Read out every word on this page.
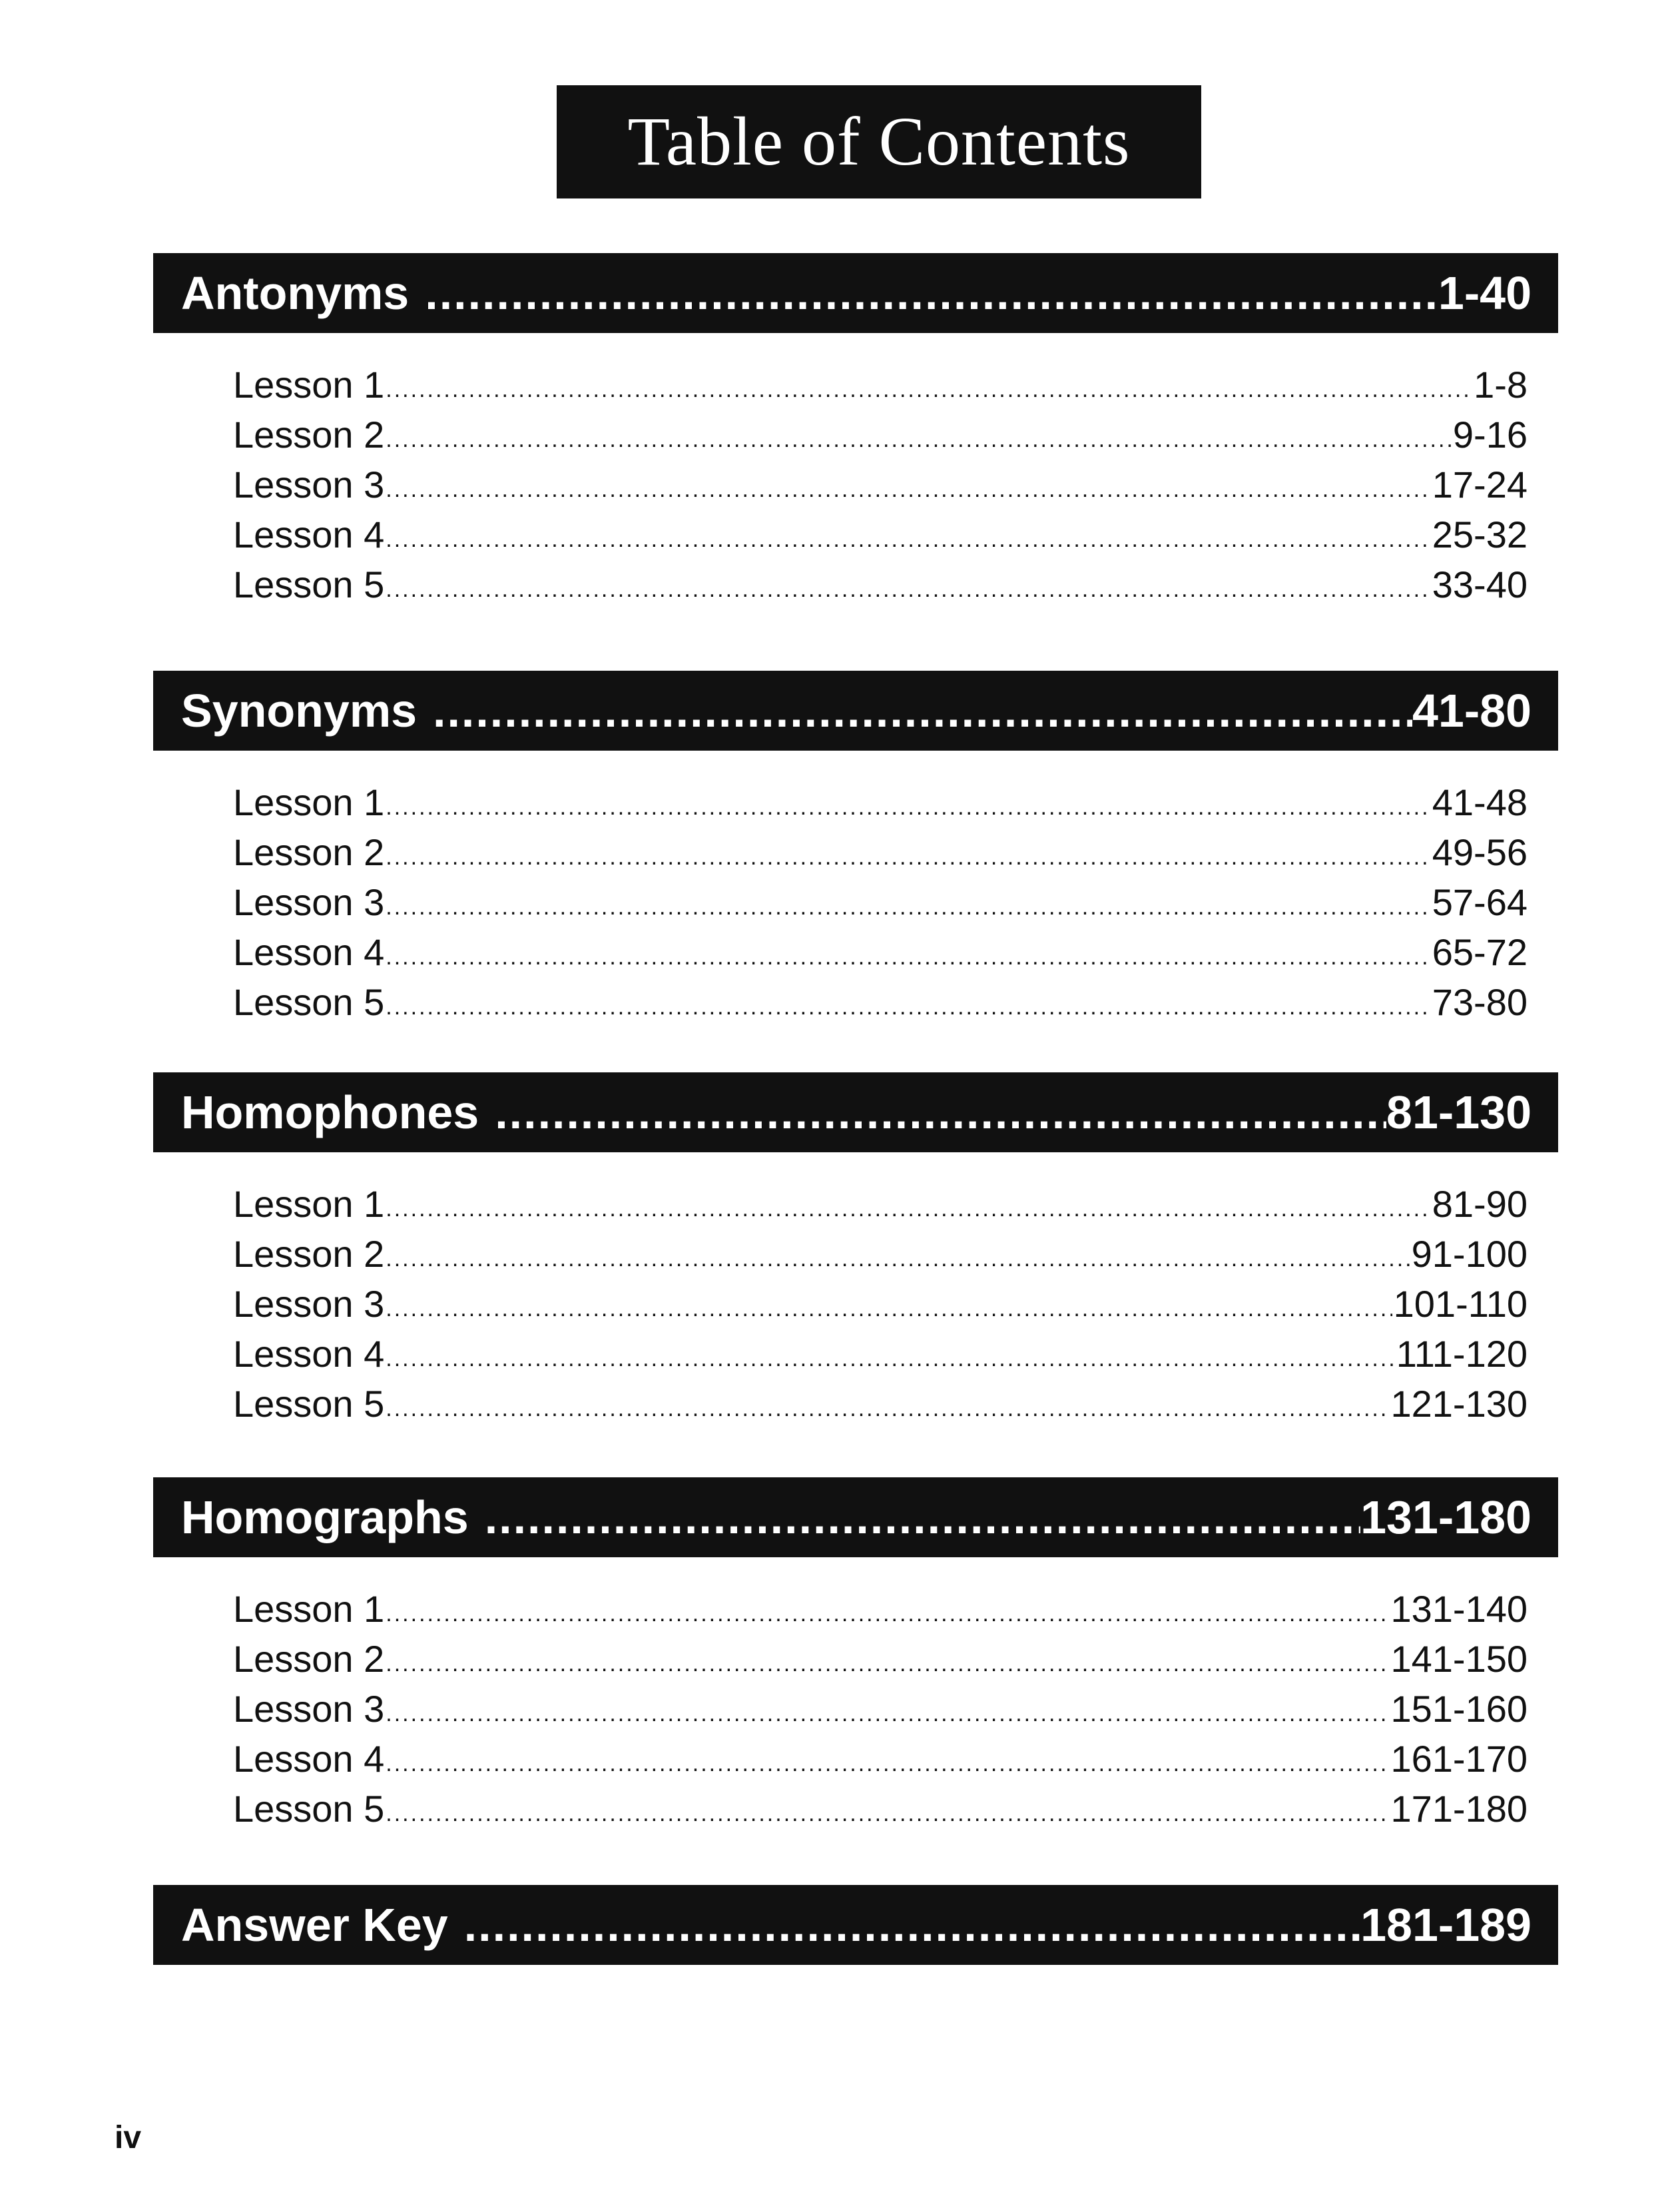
Table of Contents
Antonyms .....	1-40
Lesson 1 .....	1-8
Lesson 2 .....	9-16
Lesson 3 .....	17-24
Lesson 4 .....	25-32
Lesson 5 .....	33-40
Synonyms .....	41-80
Lesson 1 .....	41-48
Lesson 2 .....	49-56
Lesson 3 .....	57-64
Lesson 4 .....	65-72
Lesson 5 .....	73-80
Homophones .....	81-130
Lesson 1 .....	81-90
Lesson 2 .....	91-100
Lesson 3 .....	101-110
Lesson 4 .....	111-120
Lesson 5 .....	121-130
Homographs .....	131-180
Lesson 1 .....	131-140
Lesson 2 .....	141-150
Lesson 3 .....	151-160
Lesson 4 .....	161-170
Lesson 5 .....	171-180
Answer Key .....	181-189
iv
